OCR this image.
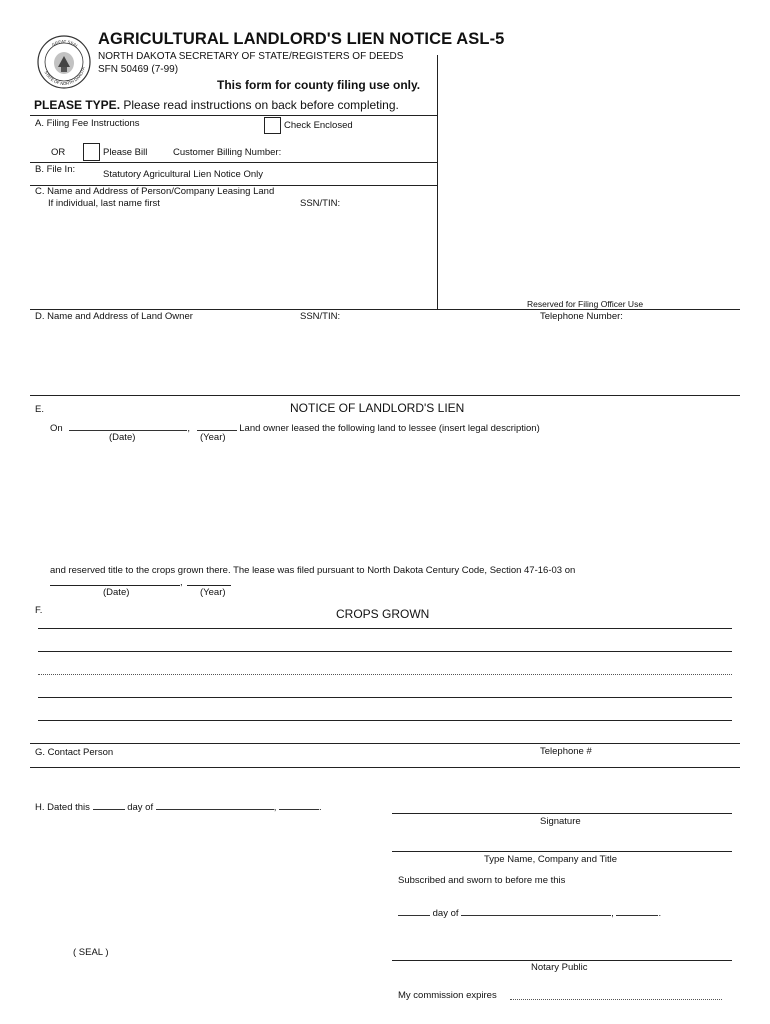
GREAT SEAL
STATE OF NORTH DAKOTA
AGRICULTURAL LANDLORD'S LIEN NOTICE ASL-5
NORTH DAKOTA SECRETARY OF STATE/REGISTERS OF DEEDS
SFN 50469 (7-99)
This form for county filing use only.
PLEASE TYPE. Please read instructions on back before completing.
A. Filing Fee Instructions	Check Enclosed
OR	Please Bill	Customer Billing Number:
B. File In:	Statutory Agricultural Lien Notice Only
C. Name and Address of Person/Company Leasing Land
If individual, last name first	SSN/TIN:
Reserved for Filing Officer Use
D. Name and Address of Land Owner	SSN/TIN:	Telephone Number:
E.	NOTICE OF LANDLORD'S LIEN
On	,	Land owner leased the following land to lessee (insert legal description)
(Date)	(Year)
and reserved title to the crops grown there. The lease was filed pursuant to North Dakota Century Code, Section 47-16-03 on
,
(Date)	(Year)
F.	CROPS GROWN
G. Contact Person	Telephone #
H. Dated this	day of	,	.
Signature
Type Name, Company and Title
Subscribed and sworn to before me this
day of	,	.
( SEAL )
Notary Public
My commission expires
